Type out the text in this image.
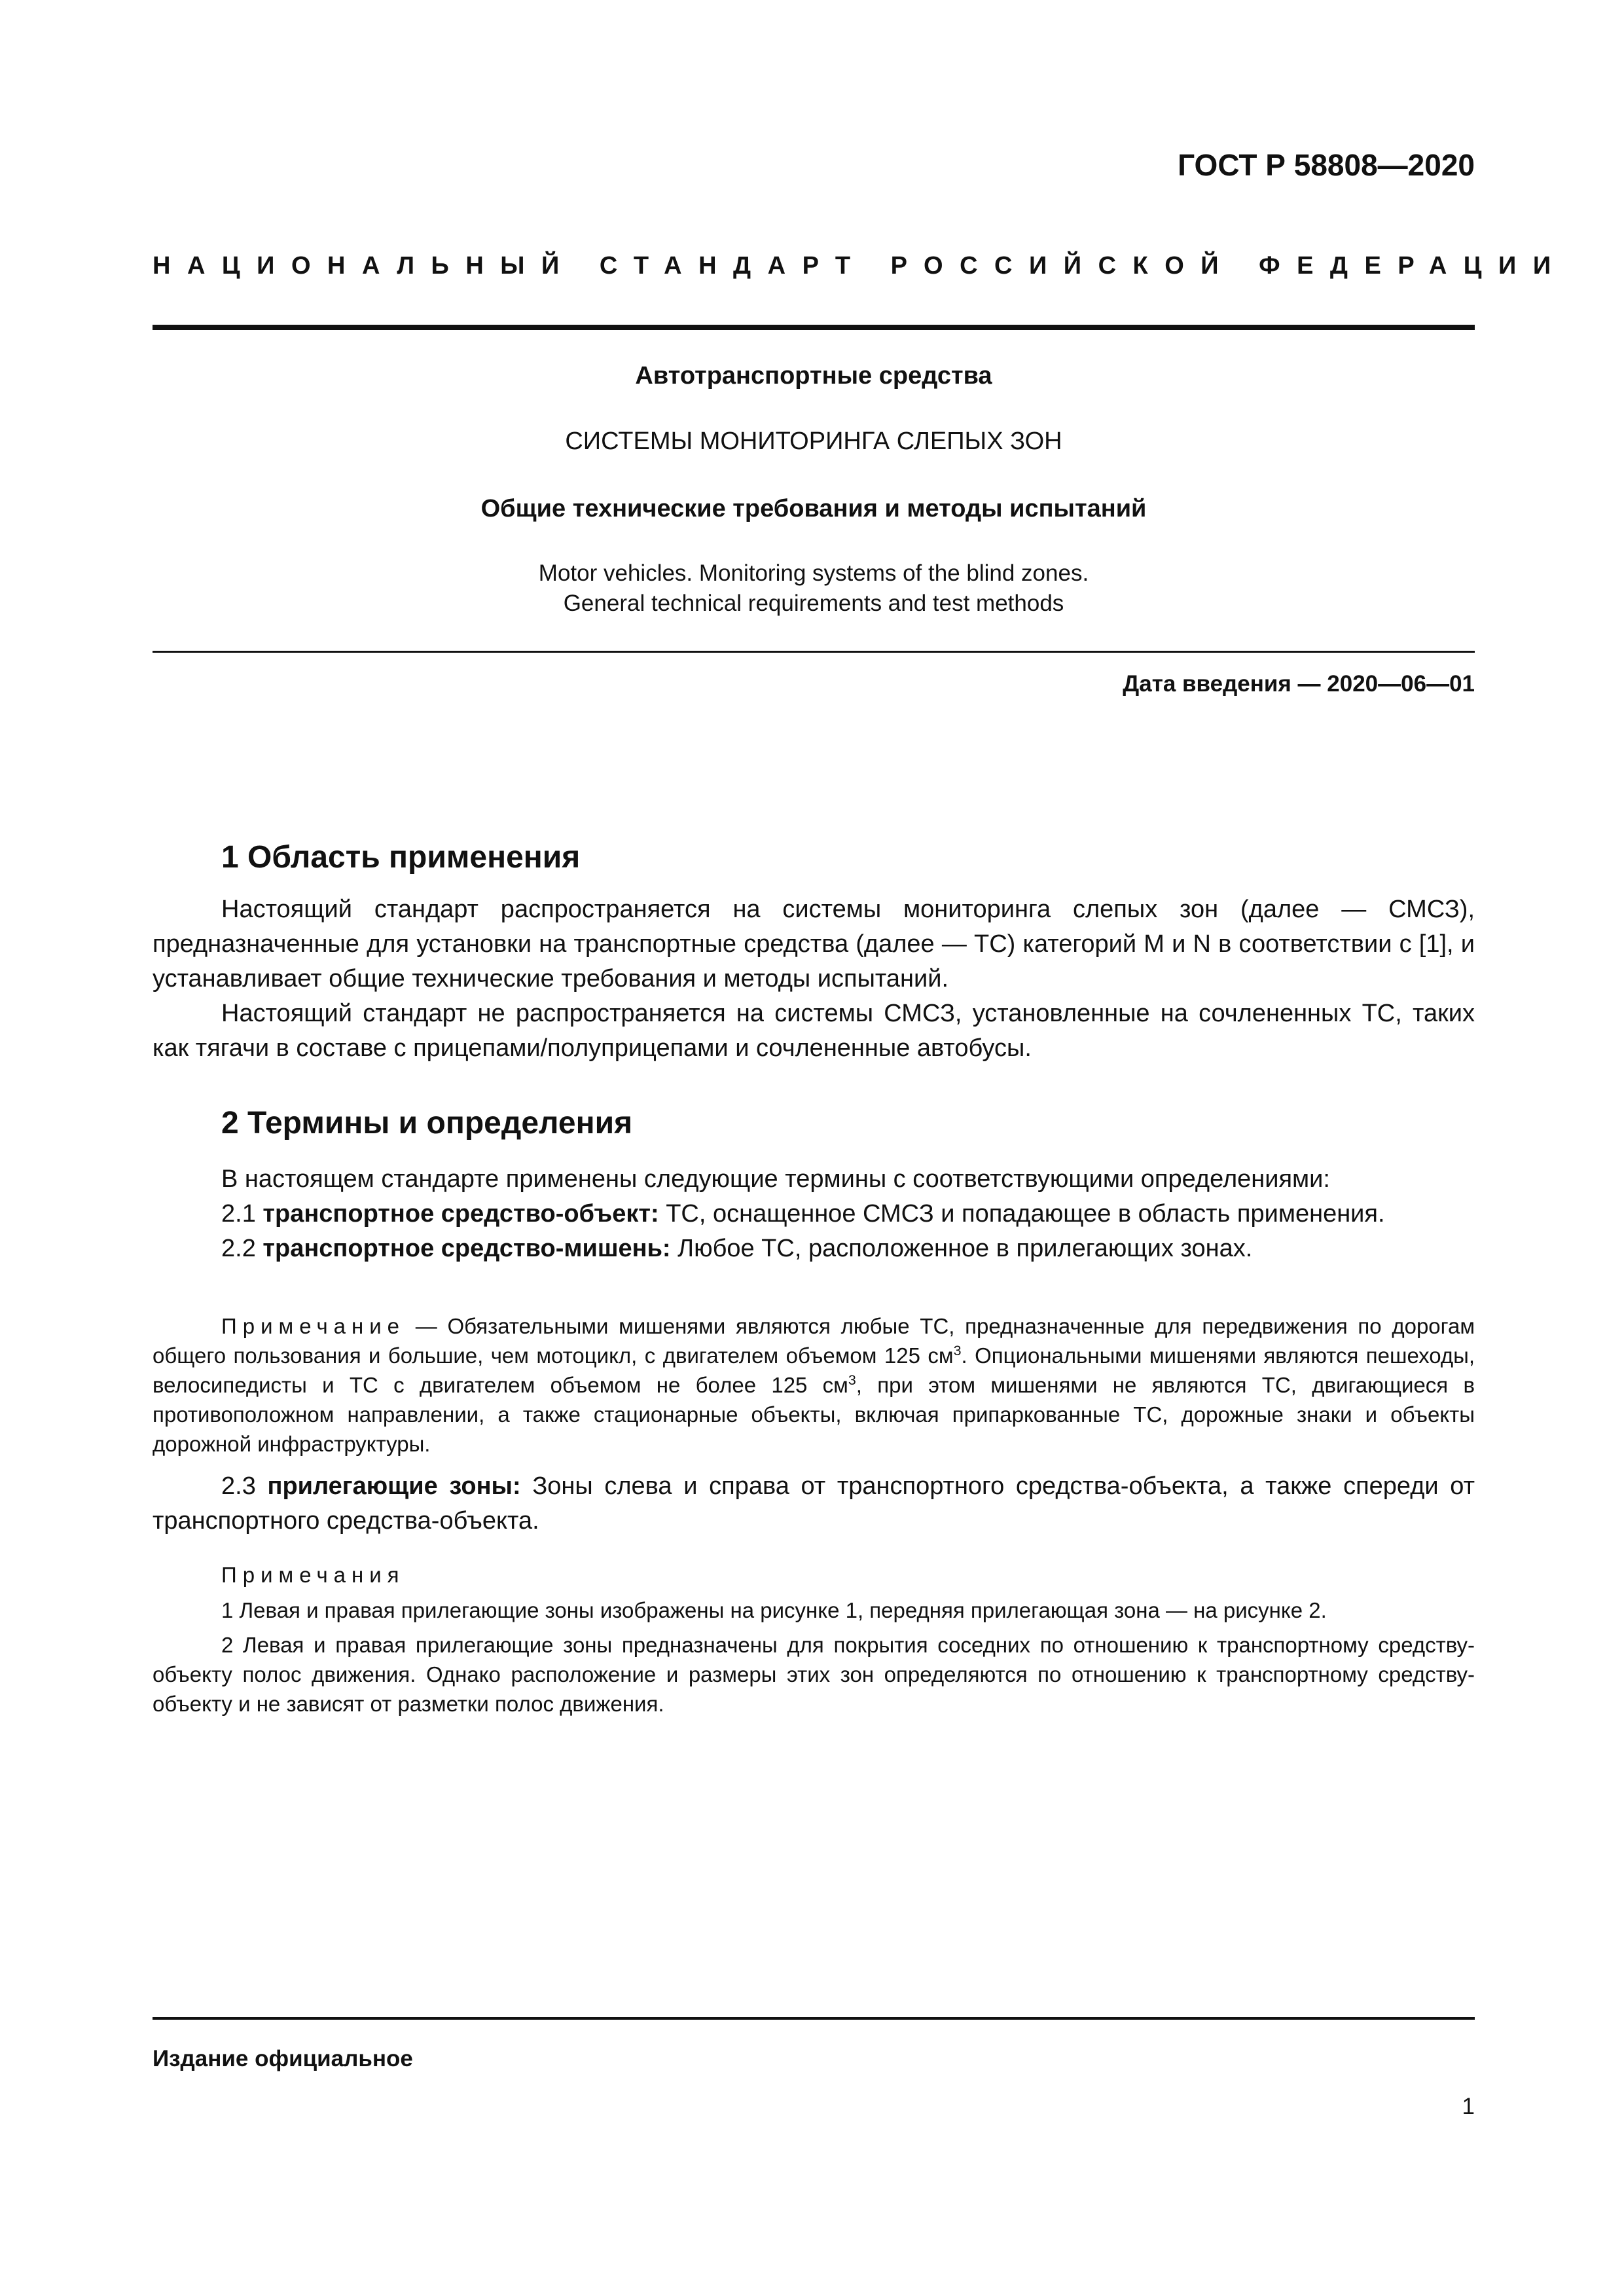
ГОСТ Р 58808—2020
НАЦИОНАЛЬНЫЙ СТАНДАРТ РОССИЙСКОЙ ФЕДЕРАЦИИ
Автотранспортные средства
СИСТЕМЫ МОНИТОРИНГА СЛЕПЫХ ЗОН
Общие технические требования и методы испытаний
Motor vehicles. Monitoring systems of the blind zones.
General technical requirements and test methods
Дата введения — 2020—06—01
1 Область применения

Настоящий стандарт распространяется на системы мониторинга слепых зон (далее — СМСЗ), предназначенные для установки на транспортные средства (далее — ТС) категорий M и N в соответствии с [1], и устанавливает общие технические требования и методы испытаний.

Настоящий стандарт не распространяется на системы СМСЗ, установленные на сочлененных ТС, таких как тягачи в составе с прицепами/полуприцепами и сочлененные автобусы.

2 Термины и определения

В настоящем стандарте применены следующие термины с соответствующими определениями:

2.1 транспортное средство-объект: ТС, оснащенное СМСЗ и попадающее в область применения.

2.2 транспортное средство-мишень: Любое ТС, расположенное в прилегающих зонах.

Примечание — Обязательными мишенями являются любые ТС, предназначенные для передвижения по дорогам общего пользования и большие, чем мотоцикл, с двигателем объемом 125 $см^3$. Опциональными мишенями являются пешеходы, велосипедисты и ТС с двигателем объемом не более 125 $см^3$, при этом мишенями не являются ТС, двигающиеся в противоположном направлении, а также стационарные объекты, включая припаркованные ТС, дорожные знаки и объекты дорожной инфраструктуры.

2.3 прилегающие зоны: Зоны слева и справа от транспортного средства-объекта, а также спереди от транспортного средства-объекта.

Примечания

1 Левая и правая прилегающие зоны изображены на рисунке 1, передняя прилегающая зона — на рисунке 2.

2 Левая и правая прилегающие зоны предназначены для покрытия соседних по отношению к транспортному средству-объекту полос движения. Однако расположение и размеры этих зон определяются по отношению к транспортному средству-объекту и не зависят от разметки полос движения.

Издание официальное
1
